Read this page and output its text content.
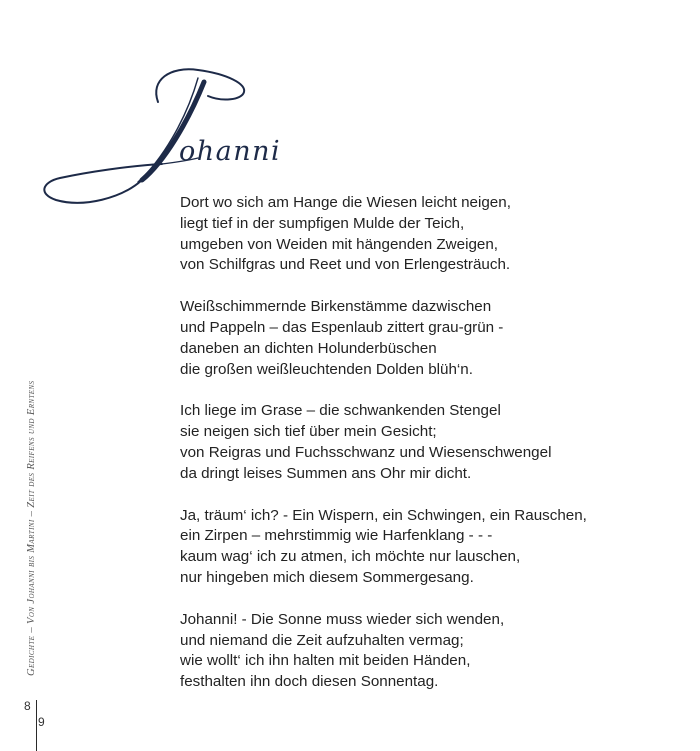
ohanni
Dort wo sich am Hange die Wiesen leicht neigen,
liegt tief in der sumpfigen Mulde der Teich,
umgeben von Weiden mit hängenden Zweigen,
von Schilfgras und Reet und von Erlengesträuch.
Weißschimmernde Birkenstämme dazwischen
und Pappeln – das Espenlaub zittert grau-grün -
daneben an dichten Holunderbüschen
die großen weißleuchtenden Dolden blüh‘n.
Ich liege im Grase – die schwankenden Stengel
sie neigen sich tief über mein Gesicht;
von Reigras und Fuchsschwanz und Wiesenschwengel
da dringt leises Summen ans Ohr mir dicht.
Ja, träum‘ ich? - Ein Wispern, ein Schwingen, ein Rauschen,
ein Zirpen – mehrstimmig wie Harfenklang - - -
kaum wag‘ ich zu atmen, ich möchte nur lauschen,
nur hingeben mich diesem Sommergesang.
Johanni! - Die Sonne muss wieder sich wenden,
und niemand die Zeit aufzuhalten vermag;
wie wollt‘ ich ihn halten mit beiden Händen,
festhalten ihn doch diesen Sonnentag.
Gedichte – Von Johanni bis Martini – Zeit des Reifens und Erntens
8
9
